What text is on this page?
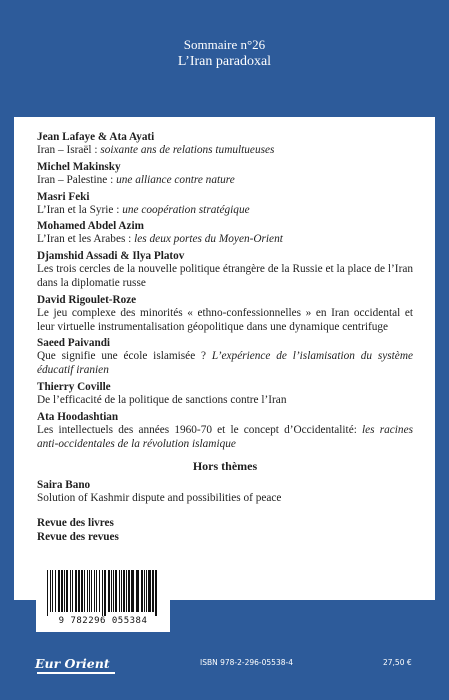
Sommaire n°26
L’Iran paradoxal
Jean Lafaye & Ata Ayati
Iran – Israël : soixante ans de relations tumultueuses
Michel Makinsky
Iran – Palestine : une alliance contre nature
Masri Feki
L’Iran et la Syrie : une coopération stratégique
Mohamed Abdel Azim
L’Iran et les Arabes : les deux portes du Moyen-Orient
Djamshid Assadi & Ilya Platov
Les trois cercles de la nouvelle politique étrangère de la Russie et la place de l’Iran dans la diplomatie russe
David Rigoulet-Roze
Le jeu complexe des minorités « ethno-confessionnelles » en Iran occidental et leur virtuelle instrumentalisation géopolitique dans une dynamique centrifuge
Saeed Paivandi
Que signifie une école islamisée ? L’expérience de l’islamisation du système éducatif iranien
Thierry Coville
De l’efficacité de la politique de sanctions contre l’Iran
Ata Hoodashtian
Les intellectuels des années 1960-70 et le concept d’Occidentalité: les racines anti-occidentales de la révolution islamique
Hors thèmes
Saira Bano
Solution of Kashmir dispute and possibilities of peace
Revue des livres
Revue des revues
9 782296 055384
Eur Orient	ISBN 978-2-296-05538-4	27,50 €
